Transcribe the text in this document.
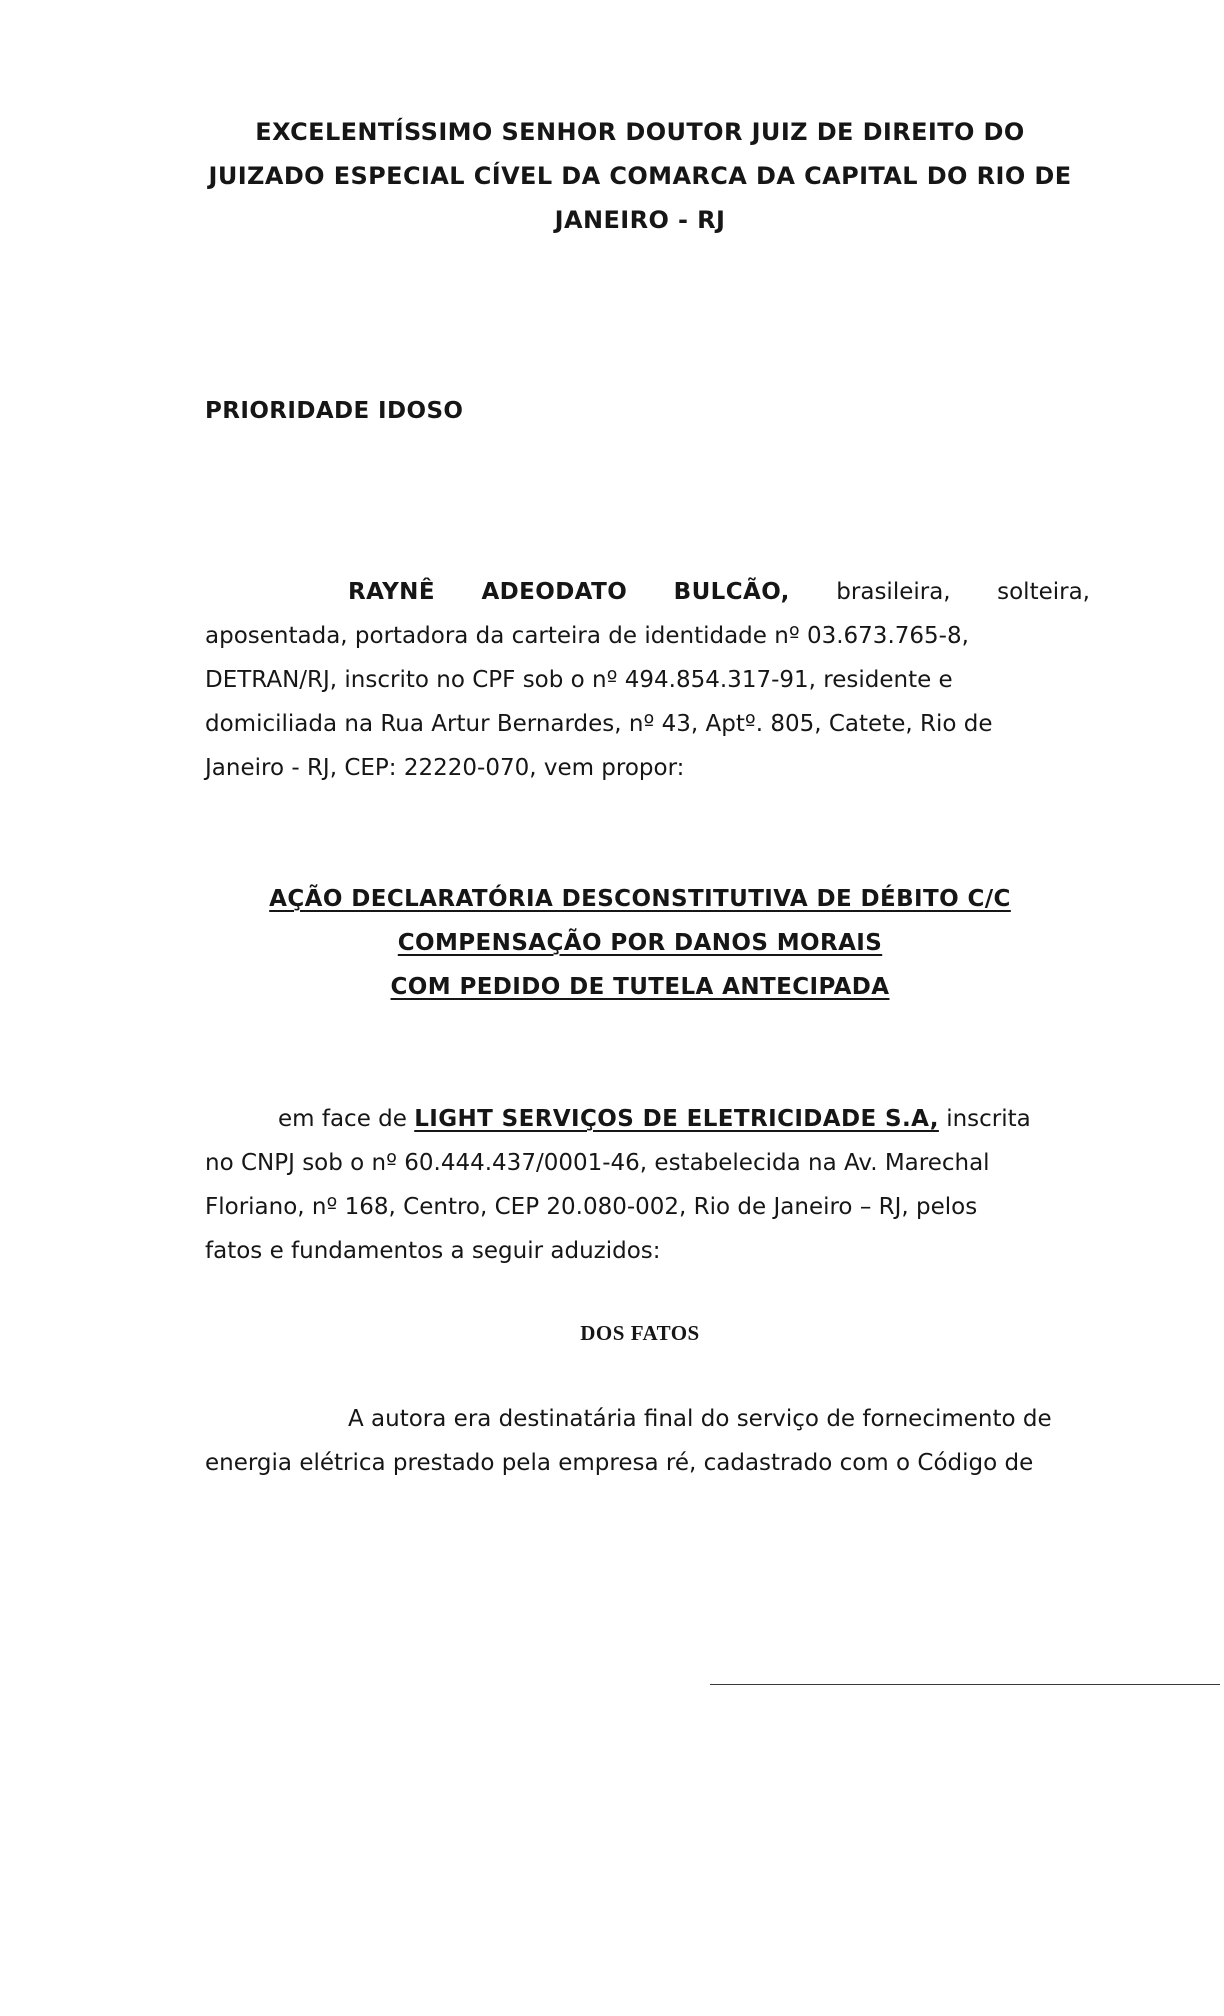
EXCELENTÍSSIMO SENHOR DOUTOR JUIZ DE DIREITO DO
JUIZADO ESPECIAL CÍVEL DA COMARCA DA CAPITAL DO RIO DE
JANEIRO - RJ
PRIORIDADE IDOSO
RAYNÊ ADEODATO BULCÃO, brasileira, solteira,
aposentada, portadora da carteira de identidade nº 03.673.765-8,
DETRAN/RJ, inscrito no CPF sob o nº 494.854.317-91, residente e
domiciliada na Rua Artur Bernardes, nº 43, Aptº. 805, Catete, Rio de
Janeiro - RJ, CEP: 22220-070, vem propor:
AÇÃO DECLARATÓRIA DESCONSTITUTIVA DE DÉBITO C/C
COMPENSAÇÃO POR DANOS MORAIS
COM PEDIDO DE TUTELA ANTECIPADA
em face de LIGHT SERVIÇOS DE ELETRICIDADE S.A, inscrita
no CNPJ sob o nº 60.444.437/0001-46, estabelecida na Av. Marechal
Floriano, nº 168, Centro, CEP 20.080-002, Rio de Janeiro – RJ, pelos
fatos e fundamentos a seguir aduzidos:
DOS FATOS
A autora era destinatária final do serviço de fornecimento de
energia elétrica prestado pela empresa ré, cadastrado com o Código de
